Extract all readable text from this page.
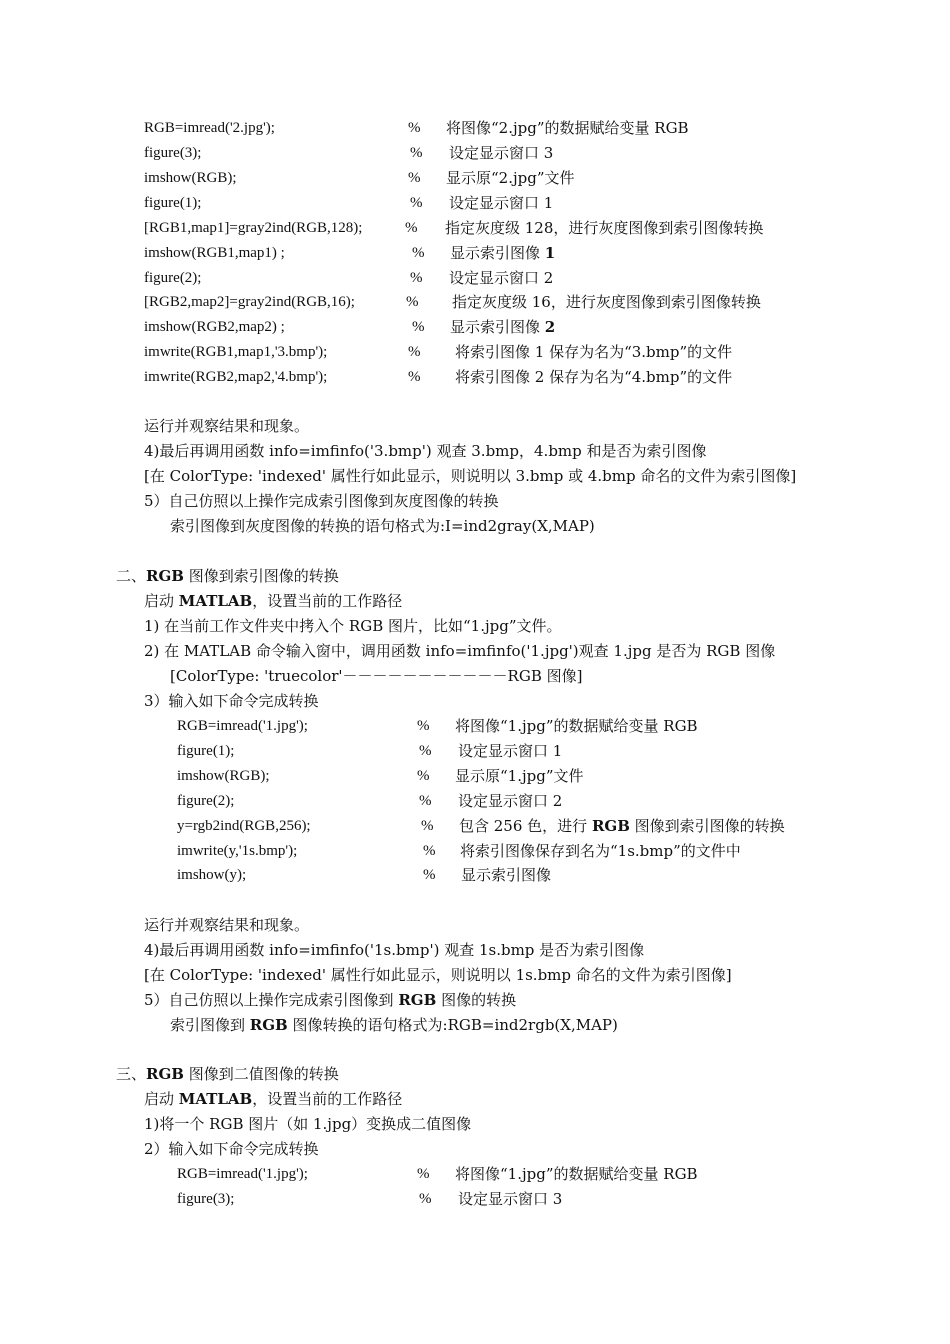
RGB=imread('2.jpg');	% 将图像“2.jpg”的数据赋给变量 RGB
figure(3);	% 设定显示窗口 3
imshow(RGB);	% 显示原“2.jpg”文件
figure(1);	% 设定显示窗口 1
[RGB1,map1]=gray2ind(RGB,128);	% 指定灰度级 128，进行灰度图像到索引图像转换
imshow(RGB1,map1) ;	% 显示索引图像 1
figure(2);	% 设定显示窗口 2
[RGB2,map2]=gray2ind(RGB,16);	% 指定灰度级 16，进行灰度图像到索引图像转换
imshow(RGB2,map2) ;	% 显示索引图像 2
imwrite(RGB1,map1,'3.bmp');	% 将索引图像 1 保存为名为“3.bmp”的文件
imwrite(RGB2,map2,'4.bmp');	% 将索引图像 2 保存为名为“4.bmp”的文件
运行并观察结果和现象。
4)最后再调用函数 info=imfinfo('3.bmp') 观查 3.bmp，4.bmp 和是否为索引图像
[在 ColorType: 'indexed' 属性行如此显示，则说明以 3.bmp 或 4.bmp 命名的文件为索引图像]
5）自己仿照以上操作完成索引图像到灰度图像的转换
索引图像到灰度图像的转换的语句格式为:I=ind2gray(X,MAP)
二、RGB 图像到索引图像的转换
启动 MATLAB，设置当前的工作路径
1) 在当前工作文件夹中拷入个 RGB 图片，比如“1.jpg”文件。
2) 在 MATLAB 命令输入窗中，调用函数 info=imfinfo('1.jpg')观查 1.jpg 是否为 RGB 图像
[ColorType: 'truecolor'－－－－－－－－－－－RGB 图像]
3）输入如下命令完成转换
RGB=imread('1.jpg');	% 将图像“1.jpg”的数据赋给变量 RGB
figure(1);	% 设定显示窗口 1
imshow(RGB);	% 显示原“1.jpg”文件
figure(2);	% 设定显示窗口 2
y=rgb2ind(RGB,256);	% 包含 256 色，进行 RGB 图像到索引图像的转换
imwrite(y,'1s.bmp');	% 将索引图像保存到名为“1s.bmp”的文件中
imshow(y);	% 显示索引图像
运行并观察结果和现象。
4)最后再调用函数 info=imfinfo('1s.bmp') 观查 1s.bmp 是否为索引图像
[在 ColorType: 'indexed' 属性行如此显示，则说明以 1s.bmp 命名的文件为索引图像]
5）自己仿照以上操作完成索引图像到 RGB 图像的转换
索引图像到 RGB 图像转换的语句格式为:RGB=ind2rgb(X,MAP)
三、RGB 图像到二值图像的转换
启动 MATLAB，设置当前的工作路径
1)将一个 RGB 图片（如 1.jpg）变换成二值图像
2）输入如下命令完成转换
RGB=imread('1.jpg');	% 将图像“1.jpg”的数据赋给变量 RGB
figure(3);	% 设定显示窗口 3
